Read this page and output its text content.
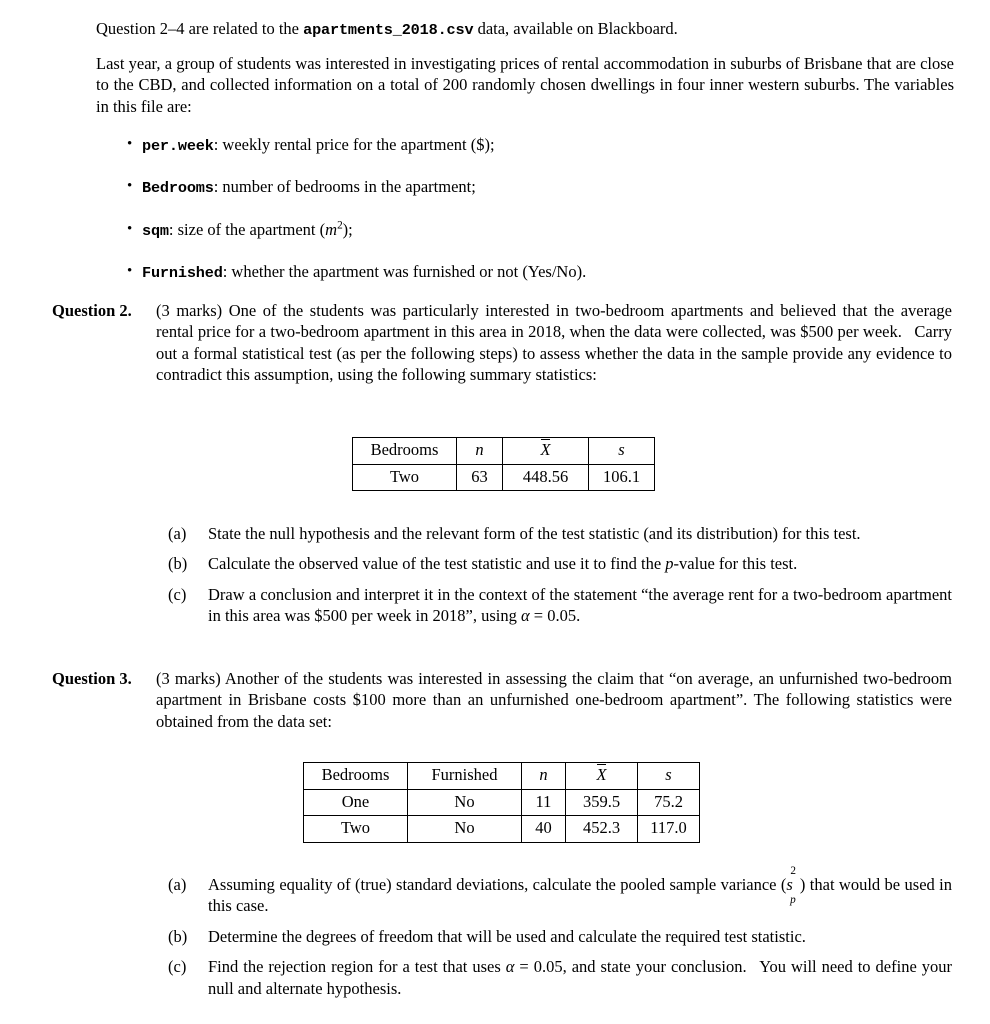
Question 2–4 are related to the apartments_2018.csv data, available on Blackboard.
Last year, a group of students was interested in investigating prices of rental accommodation in suburbs of Brisbane that are close to the CBD, and collected information on a total of 200 randomly chosen dwellings in four inner western suburbs. The variables in this file are:
• per.week: weekly rental price for the apartment ($);
• Bedrooms: number of bedrooms in the apartment;
• sqm: size of the apartment $(m^2)$;
• Furnished: whether the apartment was furnished or not (Yes/No).
Question 2. (3 marks) One of the students was particularly interested in two-bedroom apartments and believed that the average rental price for a two-bedroom apartment in this area in 2018, when the data were collected, was $500 per week.  Carry out a formal statistical test (as per the following steps) to assess whether the data in the sample provide any evidence to contradict this assumption, using the following summary statistics:
Bedrooms	n	X	s
Two	63	448.56	106.1
(a) State the null hypothesis and the relevant form of the test statistic (and its distribution) for this test.
(b) Calculate the observed value of the test statistic and use it to find the p-value for this test.
(c) Draw a conclusion and interpret it in the context of the statement “the average rent for a two-bedroom apartment in this area was $500 per week in 2018”, using α = 0.05.
Question 3. (3 marks) Another of the students was interested in assessing the claim that “on average, an unfurnished two-bedroom apartment in Brisbane costs $100 more than an unfurnished one-bedroom apartment”. The following statistics were obtained from the data set:
Bedrooms	Furnished	n	X	s
One	No	11	359.5	75.2
Two	No	40	452.3	117.0
(a) Assuming equality of (true) standard deviations, calculate the pooled sample variance (s
2
p
) that would be used in this case.
(b) Determine the degrees of freedom that will be used and calculate the required test statistic.
(c) Find the rejection region for a test that uses α = 0.05, and state your conclusion.  You will need to define your null and alternate hypothesis.
